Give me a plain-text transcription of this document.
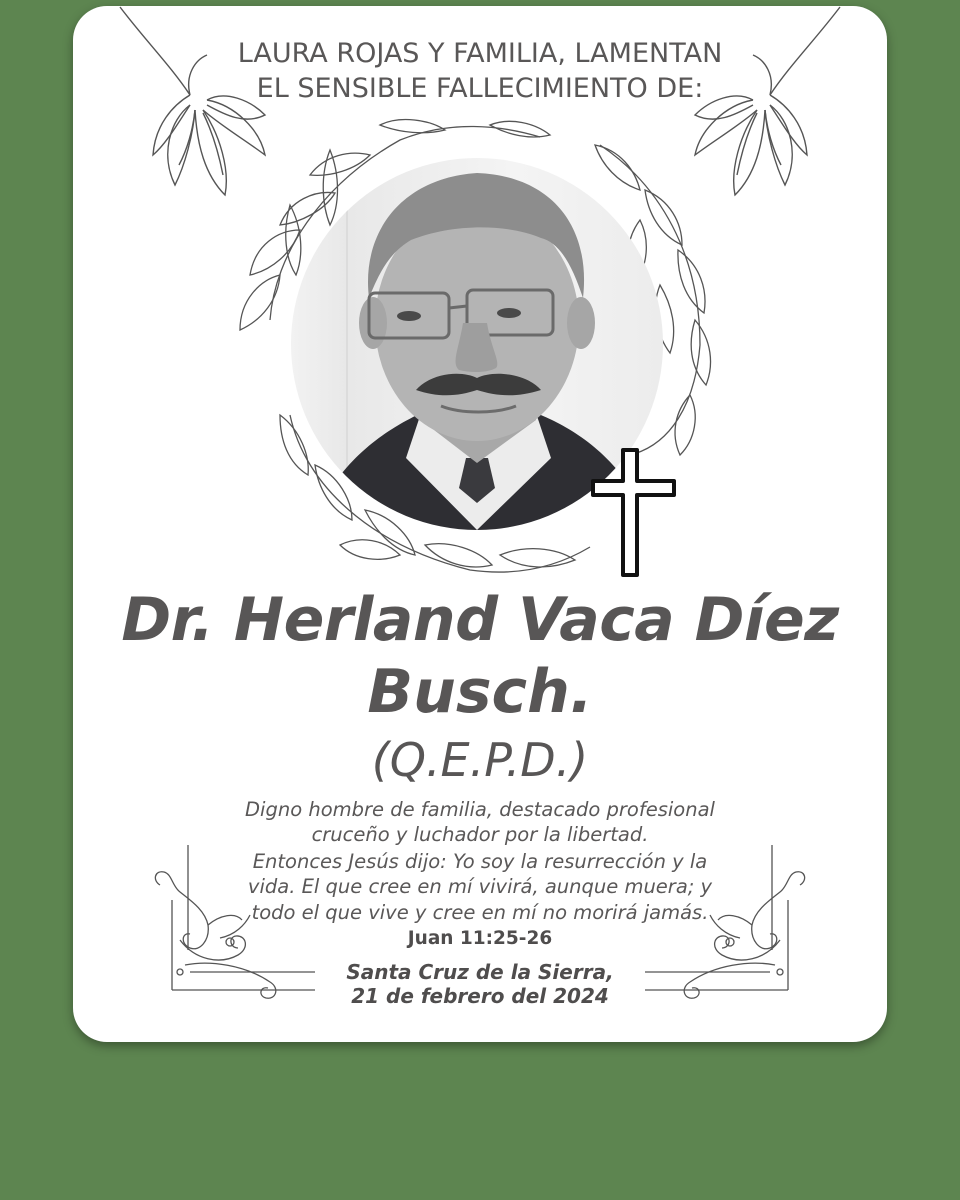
LAURA ROJAS Y FAMILIA, LAMENTAN
EL SENSIBLE FALLECIMIENTO DE:
Dr. Herland Vaca Díez
Busch.
(Q.E.P.D.)
Digno hombre de familia, destacado profesional
cruceño y luchador por la libertad.
Entonces Jesús dijo: Yo soy la resurrección y la
vida. El que cree en mí vivirá, aunque muera; y
todo el que vive y cree en mí no morirá jamás.
Juan 11:25-26
Santa Cruz de la Sierra,
21 de febrero del 2024
